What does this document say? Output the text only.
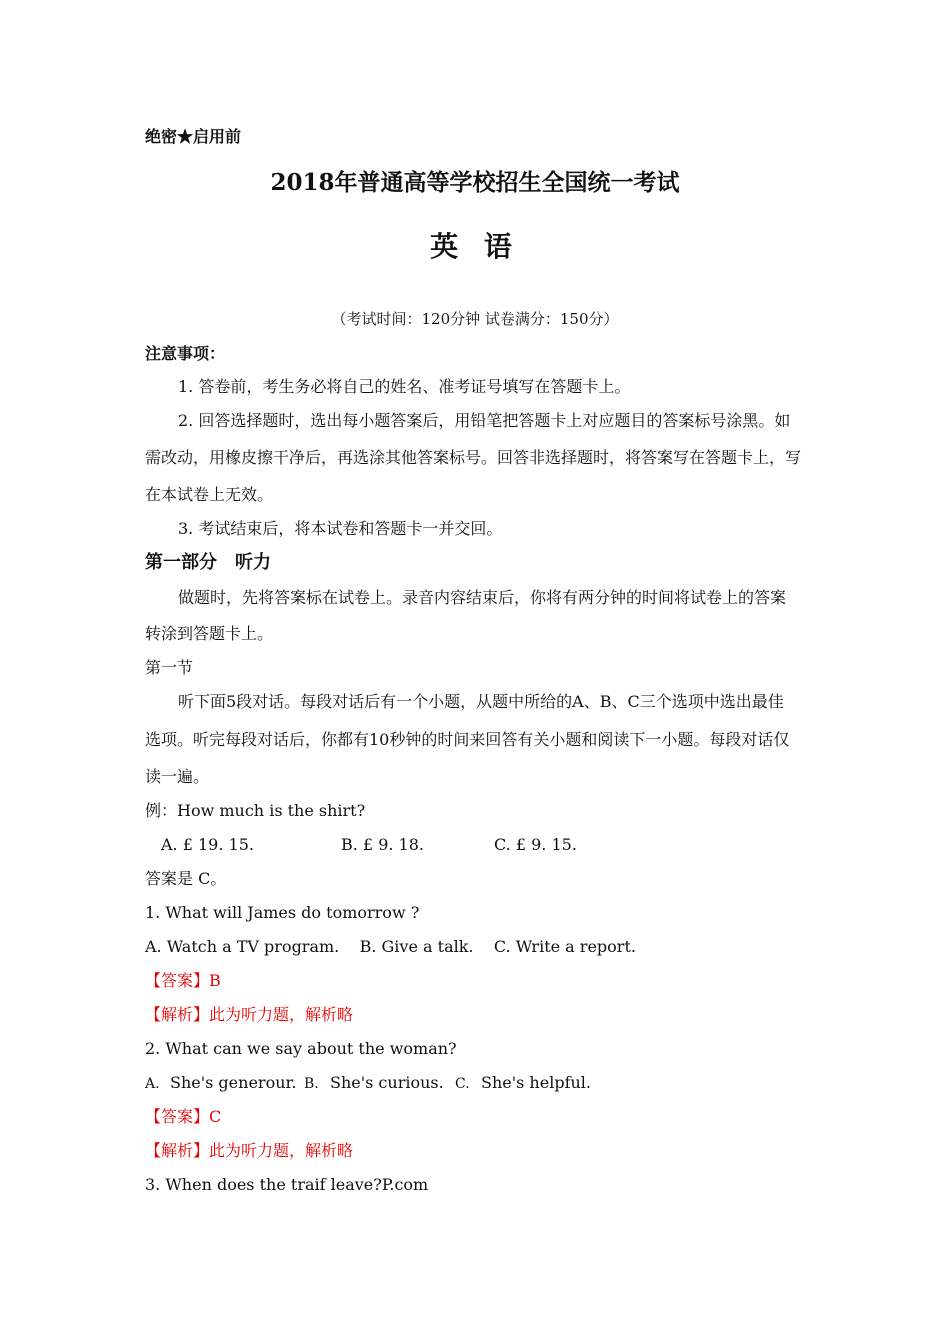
绝密★启用前
2018年普通高等学校招生全国统一考试
英 语
（考试时间：120分钟 试卷满分：150分）
注意事项：
1. 答卷前，考生务必将自己的姓名、准考证号填写在答题卡上。
2. 回答选择题时，选出每小题答案后，用铅笔把答题卡上对应题目的答案标号涂黑。如
需改动，用橡皮擦干净后，再选涂其他答案标号。回答非选择题时，将答案写在答题卡上，写
在本试卷上无效。
3. 考试结束后，将本试卷和答题卡一并交回。
第一部分　听力
做题时，先将答案标在试卷上。录音内容结束后，你将有两分钟的时间将试卷上的答案
转涂到答题卡上。
第一节
听下面5段对话。每段对话后有一个小题，从题中所给的A、B、C三个选项中选出最佳
选项。听完每段对话后，你都有10秒钟的时间来回答有关小题和阅读下一小题。每段对话仅
读一遍。
例：How much is the shirt?
A. £ 19. 15.	B. £ 9. 18.	C. £ 9. 15.
答案是 C。
1. What will James do tomorrow ?
A. Watch a TV program.    B. Give a talk.    C. Write a report.
【答案】B
【解析】此为听力题，解析略
2. What can we say about the woman?
A. She's generour. B. She's curious. C. She's helpful.
【答案】C
【解析】此为听力题，解析略
3. When does the traif leave?P.com
